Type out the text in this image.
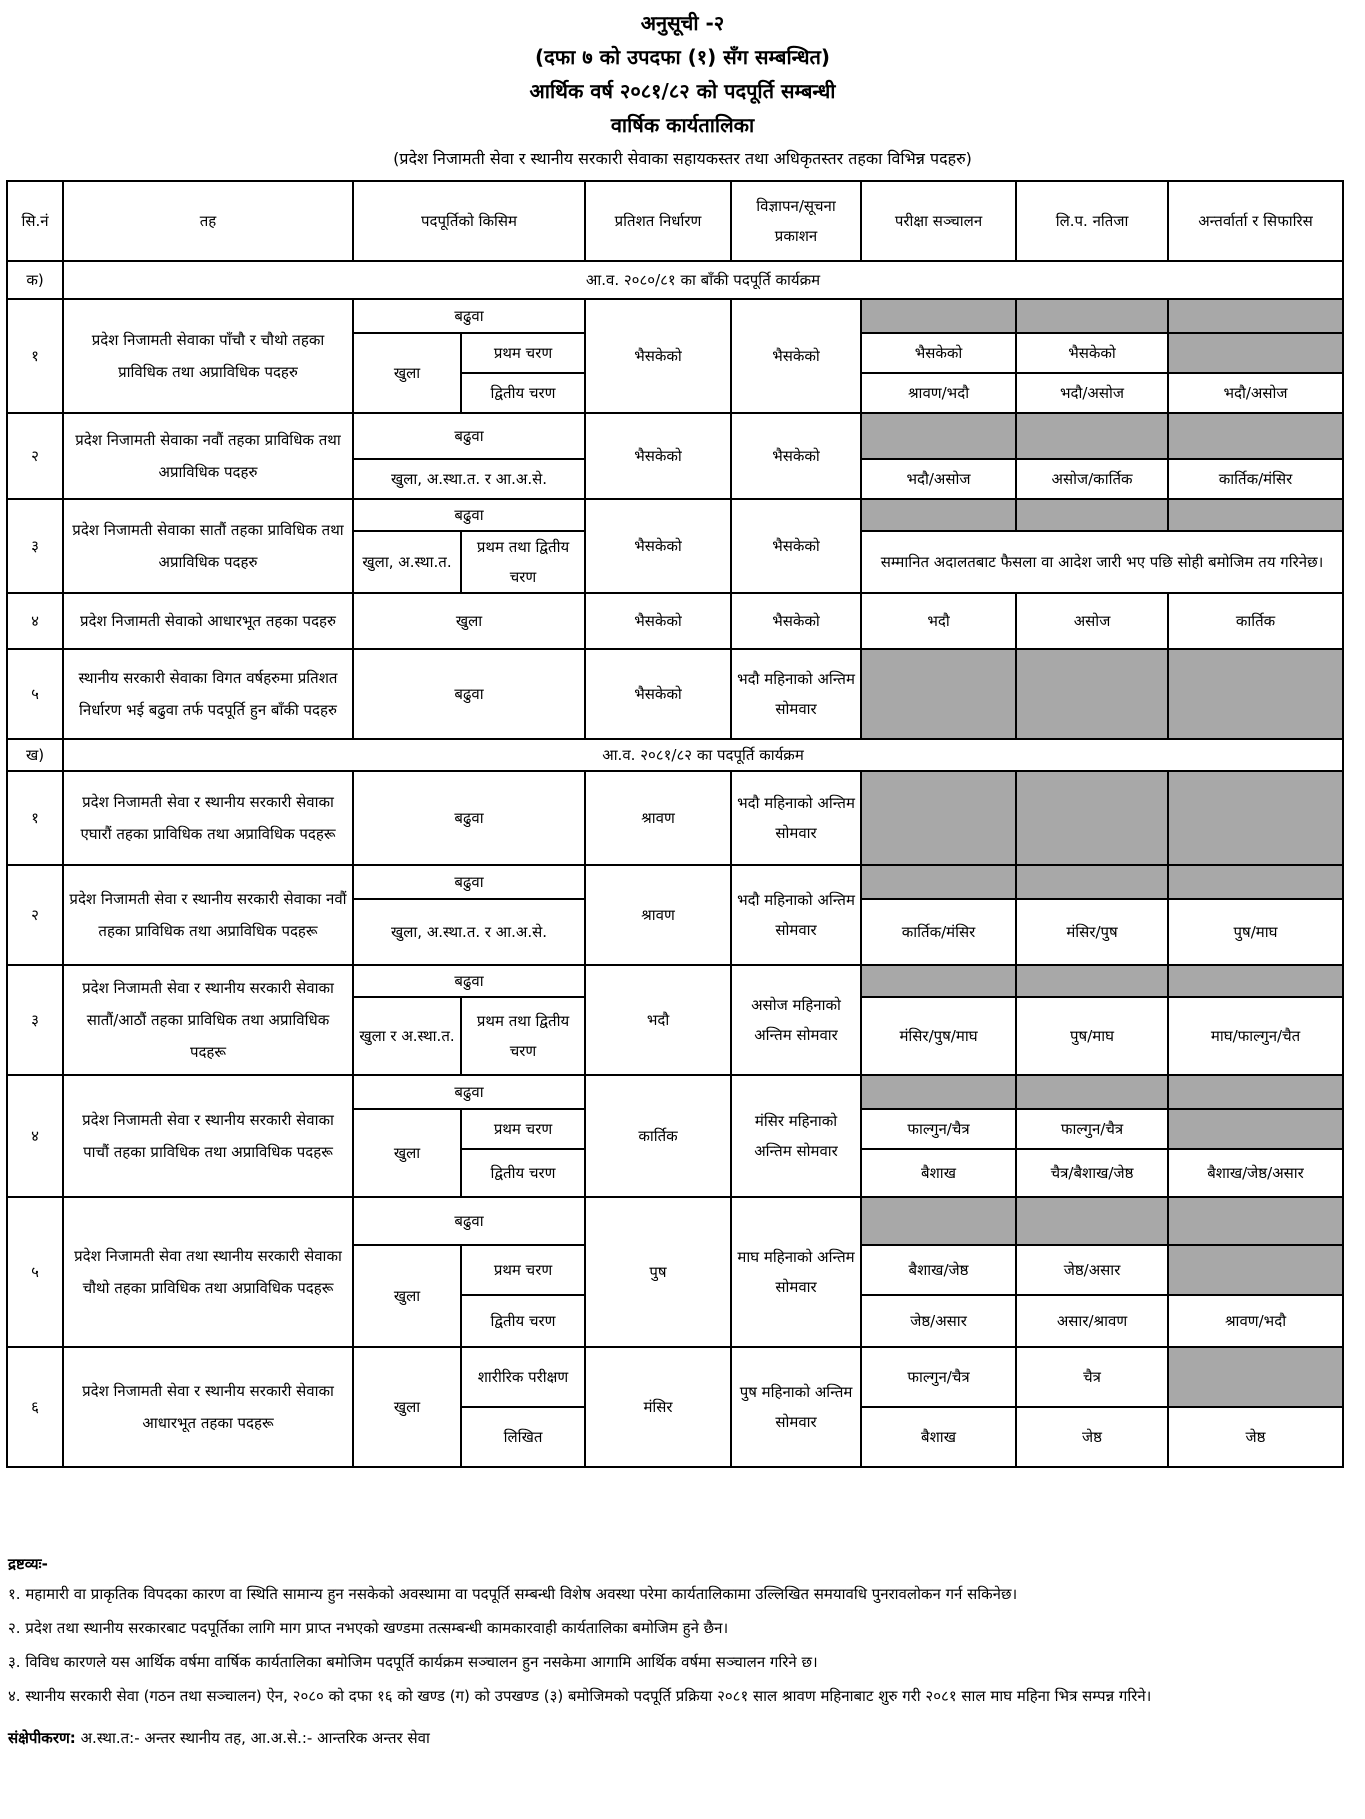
अनुसूची -२
(दफा ७ को उपदफा (१) सँग सम्बन्धित)
आर्थिक वर्ष २०८१/८२ को पदपूर्ति सम्बन्धी
वार्षिक कार्यतालिका
(प्रदेश निजामती सेवा र स्थानीय सरकारी सेवाका सहायकस्तर तथा अधिकृतस्तर तहका विभिन्न पदहरु)
सि.नं	तह	पदपूर्तिको किसिम		प्रतिशत निर्धारण	विज्ञापन/सूचना प्रकाशन	परीक्षा सञ्चालन	लि.प. नतिजा	अन्तर्वार्ता र सिफारिस
क)	आ.व. २०८०/८१ का बाँकी पदपूर्ति कार्यक्रम							
१	प्रदेश निजामती सेवाका पाँचौ र चौथो तहका प्राविधिक तथा अप्राविधिक पदहरु	बढुवा		भैसकेको	भैसकेको			
		खुला	प्रथम चरण			भैसकेको	भैसकेको	
			द्वितीय चरण			श्रावण/भदौ	भदौ/असोज	भदौ/असोज
२	प्रदेश निजामती सेवाका नवौं तहका प्राविधिक तथा अप्राविधिक पदहरु	बढुवा		भैसकेको	भैसकेको			
		खुला, अ.स्था.त. र आ.अ.से.				भदौ/असोज	असोज/कार्तिक	कार्तिक/मंसिर
३	प्रदेश निजामती सेवाका सातौं तहका प्राविधिक तथा अप्राविधिक पदहरु	बढुवा		भैसकेको	भैसकेको			
		खुला, अ.स्था.त.	प्रथम तथा द्वितीय चरण			सम्मानित अदालतबाट फैसला वा आदेश जारी भए पछि सोही बमोजिम तय गरिनेछ।		
४	प्रदेश निजामती सेवाको आधारभूत तहका पदहरु	खुला		भैसकेको	भैसकेको	भदौ	असोज	कार्तिक
५	स्थानीय सरकारी सेवाका विगत वर्षहरुमा प्रतिशत निर्धारण भई बढुवा तर्फ पदपूर्ति हुन बाँकी पदहरु	बढुवा		भैसकेको	भदौ महिनाको अन्तिम सोमवार			
ख)	आ.व. २०८१/८२ का पदपूर्ति कार्यक्रम							
१	प्रदेश निजामती सेवा र स्थानीय सरकारी सेवाका एघारौं तहका प्राविधिक तथा अप्राविधिक पदहरू	बढुवा		श्रावण	भदौ महिनाको अन्तिम सोमवार			
२	प्रदेश निजामती सेवा र स्थानीय सरकारी सेवाका नवौं तहका प्राविधिक तथा अप्राविधिक पदहरू	बढुवा		श्रावण	भदौ महिनाको अन्तिम सोमवार			
		खुला, अ.स्था.त. र आ.अ.से.				कार्तिक/मंसिर	मंसिर/पुष	पुष/माघ
३	प्रदेश निजामती सेवा र स्थानीय सरकारी सेवाका सातौं/आठौं तहका प्राविधिक तथा अप्राविधिक पदहरू	बढुवा		भदौ	असोज महिनाको अन्तिम सोमवार			
		खुला र अ.स्था.त.	प्रथम तथा द्वितीय चरण			मंसिर/पुष/माघ	पुष/माघ	माघ/फाल्गुन/चैत
४	प्रदेश निजामती सेवा र स्थानीय सरकारी सेवाका पाचौं तहका प्राविधिक तथा अप्राविधिक पदहरू	बढुवा		कार्तिक	मंसिर महिनाको अन्तिम सोमवार			
		खुला	प्रथम चरण			फाल्गुन/चैत्र	फाल्गुन/चैत्र	
			द्वितीय चरण			बैशाख	चैत्र/बैशाख/जेष्ठ	बैशाख/जेष्ठ/असार
५	प्रदेश निजामती सेवा तथा स्थानीय सरकारी सेवाका चौथो तहका प्राविधिक तथा अप्राविधिक पदहरू	बढुवा		पुष	माघ महिनाको अन्तिम सोमवार			
		खुला	प्रथम चरण			बैशाख/जेष्ठ	जेष्ठ/असार	
			द्वितीय चरण			जेष्ठ/असार	असार/श्रावण	श्रावण/भदौ
६	प्रदेश निजामती सेवा र स्थानीय सरकारी सेवाका आधारभूत तहका पदहरू	खुला	शारीरिक परीक्षण	मंसिर	पुष महिनाको अन्तिम सोमवार	फाल्गुन/चैत्र	चैत्र	
			लिखित			बैशाख	जेष्ठ	जेष्ठ
द्रष्टव्यः-
१. महामारी वा प्राकृतिक विपदका कारण वा स्थिति सामान्य हुन नसकेको अवस्थामा वा पदपूर्ति सम्बन्धी विशेष अवस्था परेमा कार्यतालिकामा उल्लिखित समयावधि पुनरावलोकन गर्न सकिनेछ।
२. प्रदेश तथा स्थानीय सरकारबाट पदपूर्तिका लागि माग प्राप्त नभएको खण्डमा तत्सम्बन्धी कामकारवाही कार्यतालिका बमोजिम हुने छैन।
३. विविध कारणले यस आर्थिक वर्षमा वार्षिक कार्यतालिका बमोजिम पदपूर्ति कार्यक्रम सञ्चालन हुन नसकेमा आगामि आर्थिक वर्षमा सञ्चालन गरिने छ।
४. स्थानीय सरकारी सेवा (गठन तथा सञ्चालन) ऐन, २०८० को दफा १६ को खण्ड (ग) को उपखण्ड (३) बमोजिमको पदपूर्ति प्रक्रिया २०८१ साल श्रावण महिनाबाट शुरु गरी २०८१ साल माघ महिना भित्र सम्पन्न गरिने।
संक्षेपीकरण: अ.स्था.त:- अन्तर स्थानीय तह, आ.अ.से.:- आन्तरिक अन्तर सेवा
